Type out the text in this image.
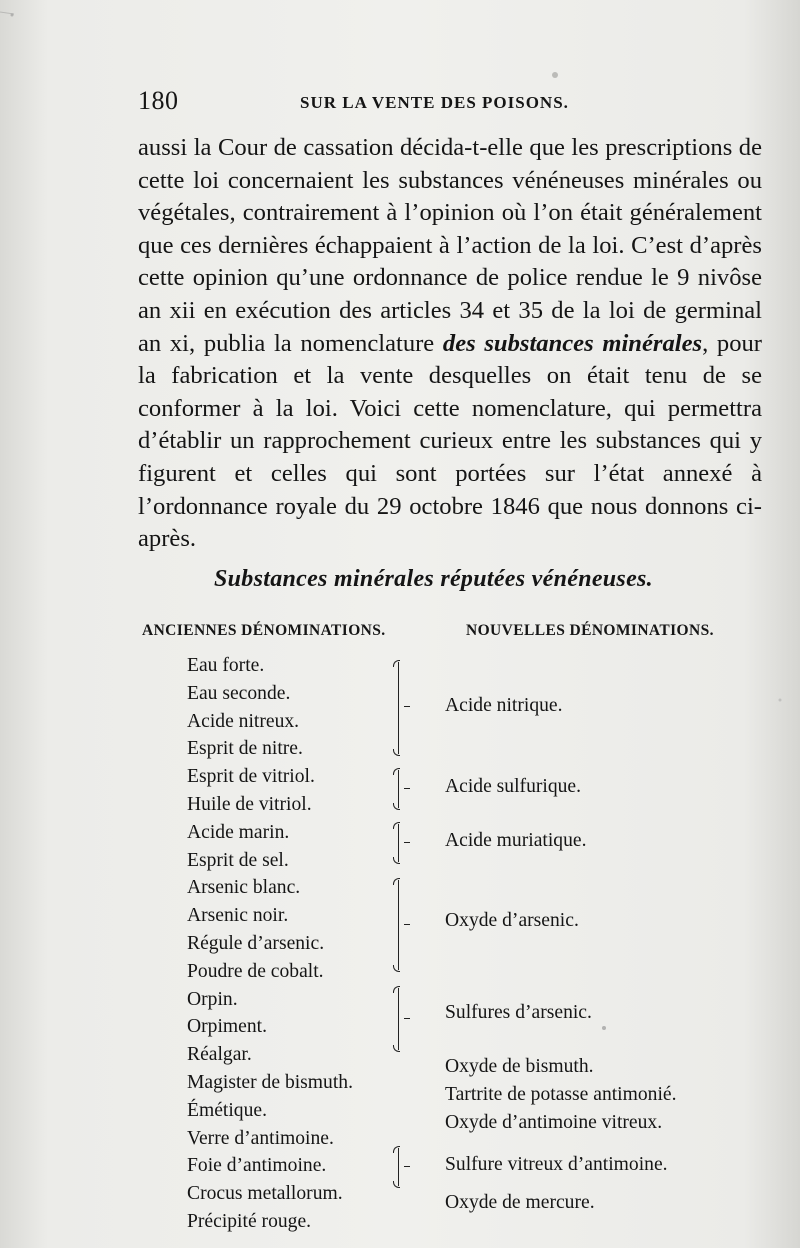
180	SUR LA VENTE DES POISONS.

aussi la Cour de cassation décida-t-elle que les prescriptions de cette loi concernaient les substances vénéneuses minérales ou végétales, contrairement à l’opinion où l’on était généralement que ces dernières échappaient à l’action de la loi. C’est d’après cette opinion qu’une ordonnance de police rendue le 9 nivôse an xii en exécution des articles 34 et 35 de la loi de germinal an xi, publia la nomenclature des substances minérales, pour la fabrication et la vente desquelles on était tenu de se conformer à la loi. Voici cette nomenclature, qui permettra d’établir un rapprochement curieux entre les substances qui y figurent et celles qui sont portées sur l’état annexé à l’ordonnance royale du 29 octobre 1846 que nous donnons ci-après.

Substances minérales réputées vénéneuses.
ANCIENNES DÉNOMINATIONS.	NOUVELLES DÉNOMINATIONS.
Eau forte.
Eau seconde.
Acide nitreux.
Esprit de nitre.
Esprit de vitriol.
Huile de vitriol.
Acide marin.
Esprit de sel.
Arsenic blanc.
Arsenic noir.
Régule d’arsenic.
Poudre de cobalt.
Orpin.
Orpiment.
Réalgar.
Magister de bismuth.
Émétique.
Verre d’antimoine.
Foie d’antimoine.
Crocus metallorum.
Précipité rouge.
Acide nitrique.
Acide sulfurique.
Acide muriatique.
Oxyde d’arsenic.
Sulfures d’arsenic.
Oxyde de bismuth.
Tartrite de potasse antimonié.
Oxyde d’antimoine vitreux.
Sulfure vitreux d’antimoine.
Oxyde de mercure.
